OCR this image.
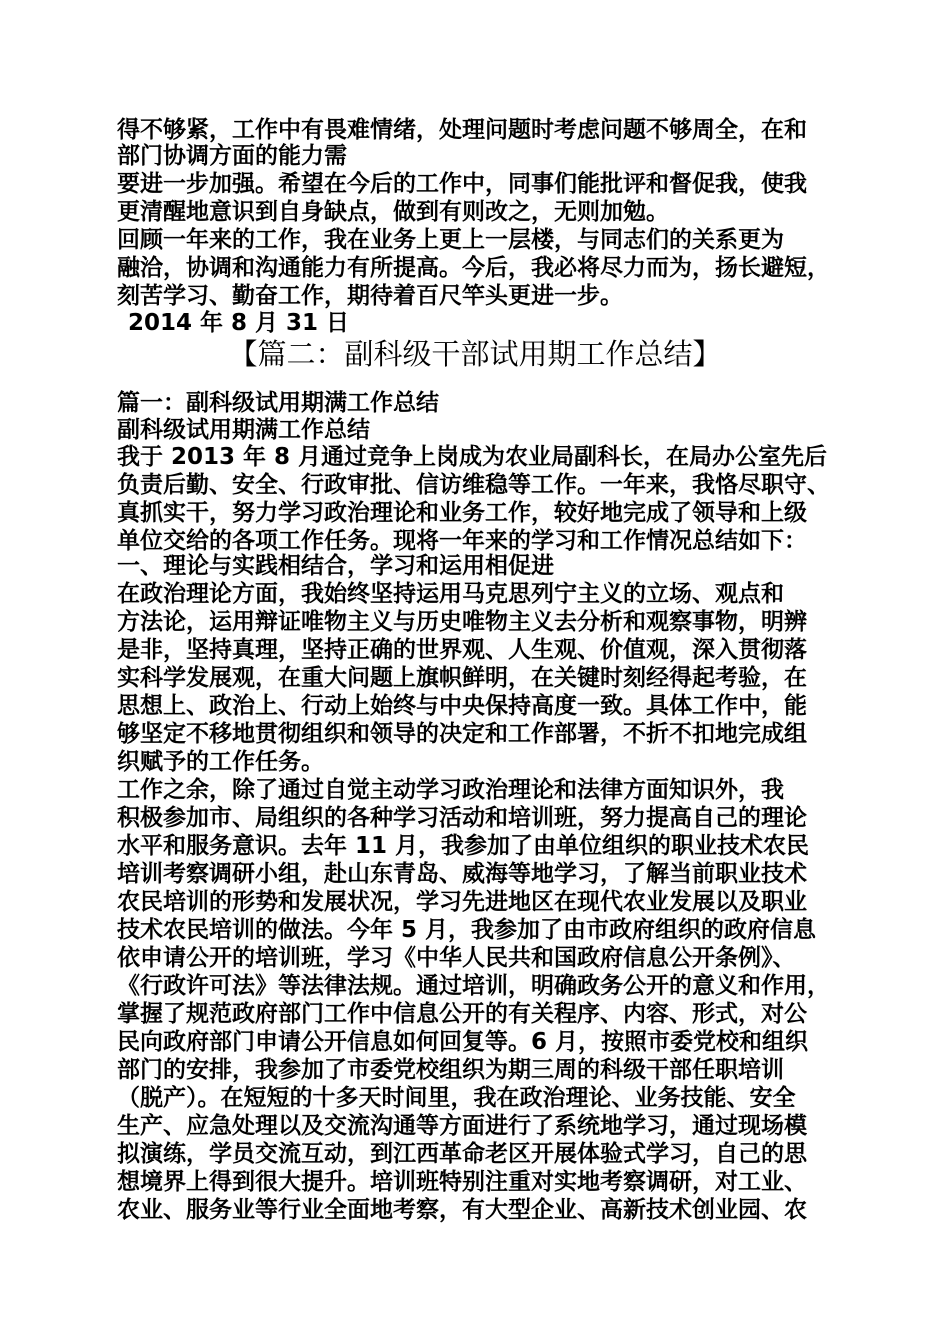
得不够紧，工作中有畏难情绪，处理问题时考虑问题不够周全，在和

部门协调方面的能力需

要进一步加强。希望在今后的工作中，同事们能批评和督促我，使我

更清醒地意识到自身缺点，做到有则改之，无则加勉。

回顾一年来的工作，我在业务上更上一层楼，与同志们的关系更为

融洽，协调和沟通能力有所提高。今后，我必将尽力而为，扬长避短，

刻苦学习、勤奋工作，期待着百尺竿头更进一步。

2014 年 8 月 31 日

【篇二：副科级干部试用期工作总结】

篇一：副科级试用期满工作总结

副科级试用期满工作总结

我于 2013 年 8 月通过竞争上岗成为农业局副科长，在局办公室先后

负责后勤、安全、行政审批、信访维稳等工作。一年来，我恪尽职守、

真抓实干，努力学习政治理论和业务工作，较好地完成了领导和上级

单位交给的各项工作任务。现将一年来的学习和工作情况总结如下：

一、理论与实践相结合，学习和运用相促进

在政治理论方面，我始终坚持运用马克思列宁主义的立场、观点和

方法论，运用辩证唯物主义与历史唯物主义去分析和观察事物，明辨

是非，坚持真理，坚持正确的世界观、人生观、价值观，深入贯彻落

实科学发展观，在重大问题上旗帜鲜明，在关键时刻经得起考验，在

思想上、政治上、行动上始终与中央保持高度一致。具体工作中，能

够坚定不移地贯彻组织和领导的决定和工作部署，不折不扣地完成组

织赋予的工作任务。

工作之余，除了通过自觉主动学习政治理论和法律方面知识外，我

积极参加市、局组织的各种学习活动和培训班，努力提高自己的理论

水平和服务意识。去年 11 月，我参加了由单位组织的职业技术农民

培训考察调研小组，赴山东青岛、威海等地学习，了解当前职业技术

农民培训的形势和发展状况，学习先进地区在现代农业发展以及职业

技术农民培训的做法。今年 5 月，我参加了由市政府组织的政府信息

依申请公开的培训班，学习《中华人民共和国政府信息公开条例》、

《行政许可法》等法律法规。通过培训，明确政务公开的意义和作用，

掌握了规范政府部门工作中信息公开的有关程序、内容、形式，对公

民向政府部门申请公开信息如何回复等。6 月，按照市委党校和组织

部门的安排，我参加了市委党校组织为期三周的科级干部任职培训

（脱产）。在短短的十多天时间里，我在政治理论、业务技能、安全

生产、应急处理以及交流沟通等方面进行了系统地学习，通过现场模

拟演练，学员交流互动，到江西革命老区开展体验式学习，自己的思

想境界上得到很大提升。培训班特别注重对实地考察调研，对工业、

农业、服务业等行业全面地考察，有大型企业、高新技术创业园、农
